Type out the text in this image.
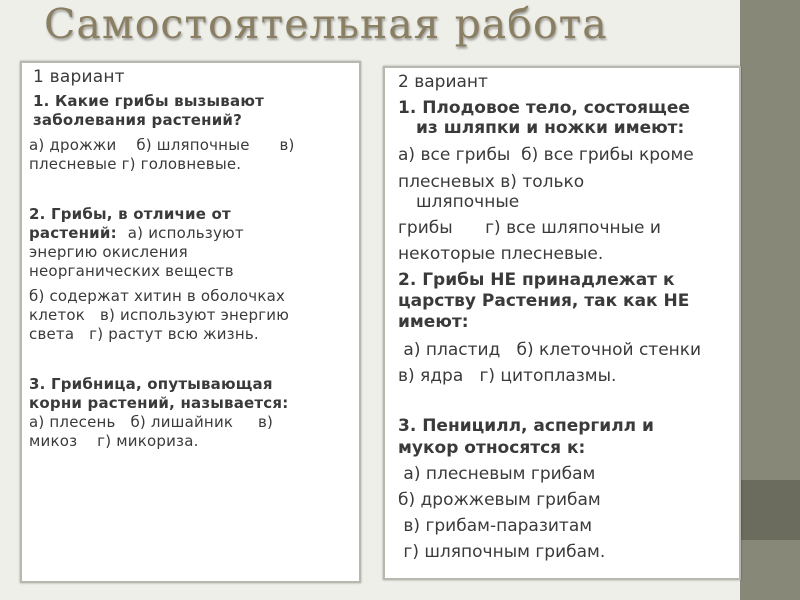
Самостоятельная работа
1 вариант
1. Какие грибы вызывают
заболевания растений?
а) дрожжи    б) шляпочные      в)
плесневые г) головневые.
2. Грибы, в отличие от
растений: а) используют
энергию окисления
неорганических веществ
б) содержат хитин в оболочках
клеток   в) используют энергию
света   г) растут всю жизнь.
3. Грибница, опутывающая
корни растений, называется:
а) плесень   б) лишайник     в)
микоз    г) микориза.
2 вариант
1. Плодовое тело, состоящее
из шляпки и ножки имеют:
а) все грибы  б) все грибы кроме
плесневых в) только
шляпочные
грибы      г) все шляпочные и
некоторые плесневые.
2. Грибы НЕ принадлежат к
царству Растения, так как НЕ
имеют:
а) пластид   б) клеточной стенки
в) ядра   г) цитоплазмы.
3. Пеницилл, аспергилл и
мукор относятся к:
а) плесневым грибам
б) дрожжевым грибам
в) грибам-паразитам
г) шляпочным грибам.
